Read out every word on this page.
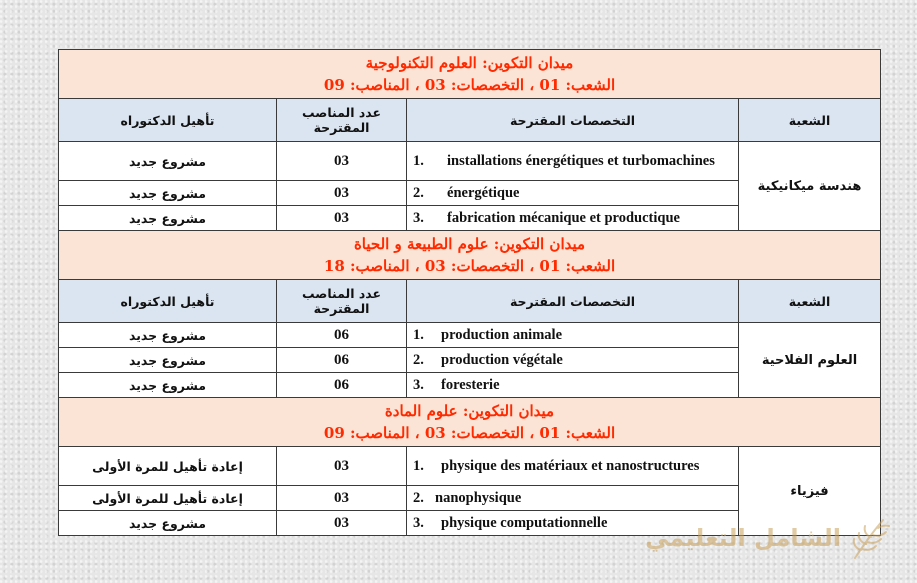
ميدان التكوين: العلوم التكنولوجية
الشعب: 01 ، التخصصات: 03 ، المناصب: 09			

الشعبة	التخصصات المقترحة	عدد المناصب المقترحة	تأهيل الدكتوراه
هندسة ميكانيكية	1. installations énergétiques et turbomachines	03	مشروع جديد

	2. énergétique	03	مشروع جديد

	3. fabrication mécanique et productique	03	مشروع جديد

ميدان التكوين: علوم الطبيعة و الحياة
الشعب: 01 ، التخصصات: 03 ، المناصب: 18			

الشعبة	التخصصات المقترحة	عدد المناصب المقترحة	تأهيل الدكتوراه
العلوم الفلاحية	1. production animale	06	مشروع جديد

	2. production végétale	06	مشروع جديد

	3. foresterie	06	مشروع جديد

ميدان التكوين: علوم المادة
الشعب: 01 ، التخصصات: 03 ، المناصب: 09			

فيزياء	1. physique des matériaux et nanostructures	03	إعادة تأهيل للمرة الأولى

	2. nanophysique	03	إعادة تأهيل للمرة الأولى

	3. physique computationnelle	03	مشروع جديد
الشامل التعليمي
